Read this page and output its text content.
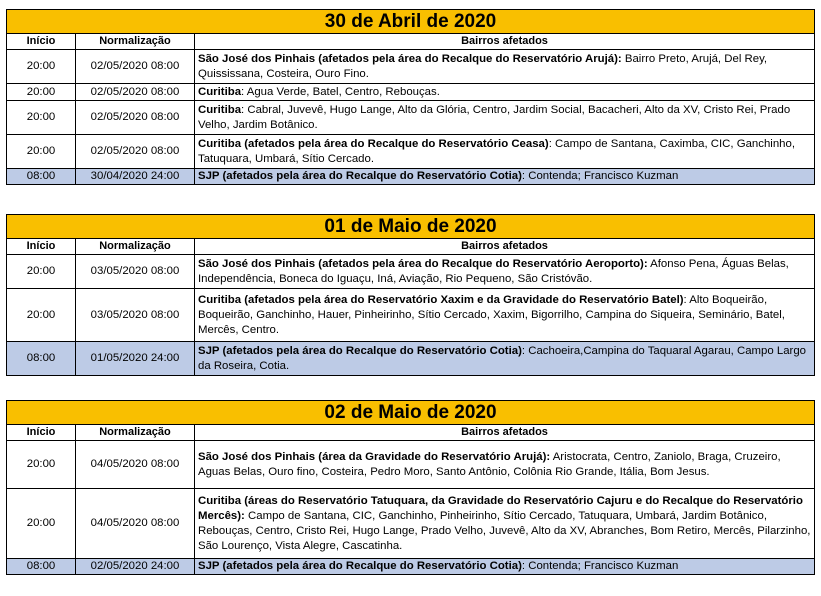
30 de Abril de 2020		
Início	Normalização	Bairros afetados
20:00	02/05/2020 08:00	São José dos Pinhais (afetados pela área do Recalque do Reservatório Arujá): Bairro Preto, Arujá, Del Rey, Quississana, Costeira, Ouro Fino.
20:00	02/05/2020 08:00	Curitiba: Agua Verde, Batel, Centro, Rebouças.
20:00	02/05/2020 08:00	Curitiba: Cabral, Juvevê, Hugo Lange, Alto da Glória, Centro, Jardim Social, Bacacheri, Alto da XV, Cristo Rei, Prado Velho, Jardim Botânico.
20:00	02/05/2020 08:00	Curitiba (afetados pela área do Recalque do Reservatório Ceasa): Campo de Santana, Caximba, CIC, Ganchinho, Tatuquara, Umbará, Sítio Cercado.
08:00	30/04/2020 24:00	SJP (afetados pela área do Recalque do Reservatório Cotia): Contenda; Francisco Kuzman
01 de Maio de 2020		
Início	Normalização	Bairros afetados
20:00	03/05/2020 08:00	São José dos Pinhais (afetados pela área do Recalque do Reservatório Aeroporto): Afonso Pena, Águas Belas, Independência, Boneca do Iguaçu, Iná, Aviação, Rio Pequeno, São Cristóvão.
20:00	03/05/2020 08:00	Curitiba (afetados pela área do Reservatório Xaxim e da Gravidade do Reservatório Batel): Alto Boqueirão, Boqueirão, Ganchinho, Hauer, Pinheirinho, Sítio Cercado, Xaxim, Bigorrilho, Campina do Siqueira, Seminário, Batel, Mercês, Centro.
08:00	01/05/2020 24:00	SJP (afetados pela área do Recalque do Reservatório Cotia): Cachoeira,Campina do Taquaral Agarau, Campo Largo da Roseira, Cotia.
02 de Maio de 2020		
Início	Normalização	Bairros afetados
20:00	04/05/2020 08:00	São José dos Pinhais (área da Gravidade do Reservatório Arujá): Aristocrata, Centro, Zaniolo, Braga, Cruzeiro, Aguas Belas, Ouro fino, Costeira, Pedro Moro, Santo Antônio, Colônia Rio Grande, Itália, Bom Jesus.
20:00	04/05/2020 08:00	Curitiba (áreas do Reservatório Tatuquara, da Gravidade do Reservatório Cajuru e do Recalque do Reservatório Mercês): Campo de Santana, CIC, Ganchinho, Pinheirinho, Sítio Cercado, Tatuquara, Umbará, Jardim Botânico, Rebouças, Centro, Cristo Rei, Hugo Lange, Prado Velho, Juvevê, Alto da XV, Abranches, Bom Retiro, Mercês, Pilarzinho, São Lourenço, Vista Alegre, Cascatinha.
08:00	02/05/2020 24:00	SJP (afetados pela área do Recalque do Reservatório Cotia): Contenda; Francisco Kuzman
